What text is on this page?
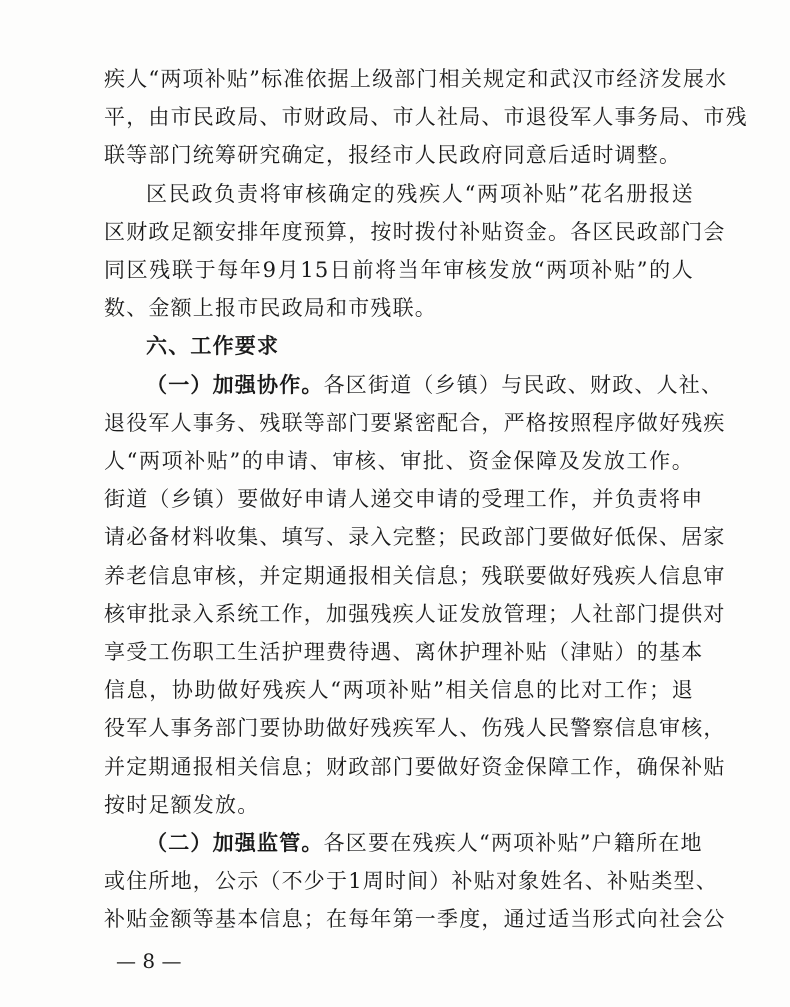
疾人“两项补贴”标准依据上级部门相关规定和武汉市经济发展水
平，由市民政局、市财政局、市人社局、市退役军人事务局、市残
联等部门统筹研究确定，报经市人民政府同意后适时调整。
区民政负责将审核确定的残疾人“两项补贴”花名册报送
区财政足额安排年度预算，按时拨付补贴资金。各区民政部门会
同区残联于每年9月15日前将当年审核发放“两项补贴”的人
数、金额上报市民政局和市残联。
六、工作要求
（一）加强协作。各区街道（乡镇）与民政、财政、人社、
退役军人事务、残联等部门要紧密配合，严格按照程序做好残疾
人“两项补贴”的申请、审核、审批、资金保障及发放工作。
街道（乡镇）要做好申请人递交申请的受理工作，并负责将申
请必备材料收集、填写、录入完整；民政部门要做好低保、居家
养老信息审核，并定期通报相关信息；残联要做好残疾人信息审
核审批录入系统工作，加强残疾人证发放管理；人社部门提供对
享受工伤职工生活护理费待遇、离休护理补贴（津贴）的基本
信息，协助做好残疾人“两项补贴”相关信息的比对工作；退
役军人事务部门要协助做好残疾军人、伤残人民警察信息审核，
并定期通报相关信息；财政部门要做好资金保障工作，确保补贴
按时足额发放。
（二）加强监管。各区要在残疾人“两项补贴”户籍所在地
或住所地，公示（不少于1周时间）补贴对象姓名、补贴类型、
补贴金额等基本信息；在每年第一季度，通过适当形式向社会公
— 8 —
